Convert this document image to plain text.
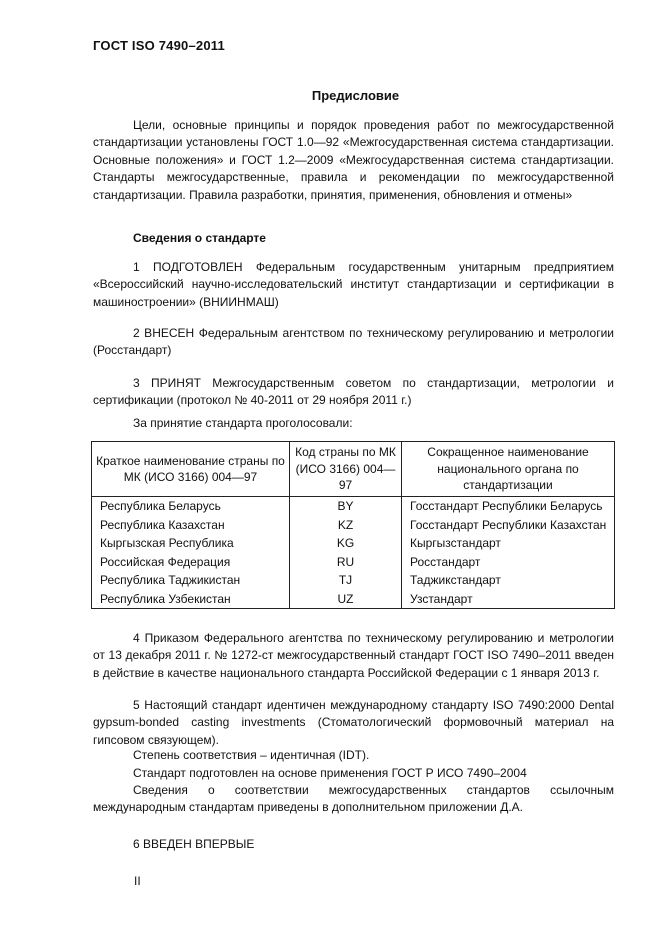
ГОСТ ISO 7490–2011
Предисловие
Цели, основные принципы и порядок проведения работ по межгосударственной стандартизации установлены ГОСТ 1.0—92 «Межгосударственная система стандартизации. Основные положения» и ГОСТ 1.2—2009 «Межгосударственная система стандартизации. Стандарты межгосударственные, правила и рекомендации по межгосударственной стандартизации. Правила разработки, принятия, применения, обновления и отмены»
Сведения о стандарте
1 ПОДГОТОВЛЕН Федеральным государственным унитарным предприятием «Всероссийский научно-исследовательский институт стандартизации и сертификации в машиностроении» (ВНИИНМАШ)
2 ВНЕСЕН Федеральным агентством по техническому регулированию и метрологии (Росстандарт)
3 ПРИНЯТ Межгосударственным советом по стандартизации, метрологии и сертификации (протокол № 40-2011 от 29 ноября 2011 г.)
За принятие стандарта проголосовали:
Краткое наименование страны по МК (ИСО 3166) 004—97	Код страны по МК (ИСО 3166) 004—97	Сокращенное наименование национального органа по стандартизации
Республика Беларусь	BY	Госстандарт Республики Беларусь
Республика Казахстан	KZ	Госстандарт Республики Казахстан
Кыргызская Республика	KG	Кыргызстандарт
Российская Федерация	RU	Росстандарт
Республика Таджикистан	TJ	Таджикстандарт
Республика Узбекистан	UZ	Узстандарт
4 Приказом Федерального агентства по техническому регулированию и метрологии от 13 декабря 2011 г. № 1272-ст межгосударственный стандарт ГОСТ ISO 7490–2011 введен в действие в качестве национального стандарта Российской Федерации с 1 января 2013 г.
5 Настоящий стандарт идентичен международному стандарту ISO 7490:2000 Dental gypsum-bonded casting investments (Стоматологический формовочный материал на гипсовом связующем).
Степень соответствия – идентичная (IDT).
Стандарт подготовлен на основе применения ГОСТ Р ИСО 7490–2004
Сведения о соответствии межгосударственных стандартов ссылочным международным стандартам приведены в дополнительном приложении Д.А.
6 ВВЕДЕН ВПЕРВЫЕ
II
